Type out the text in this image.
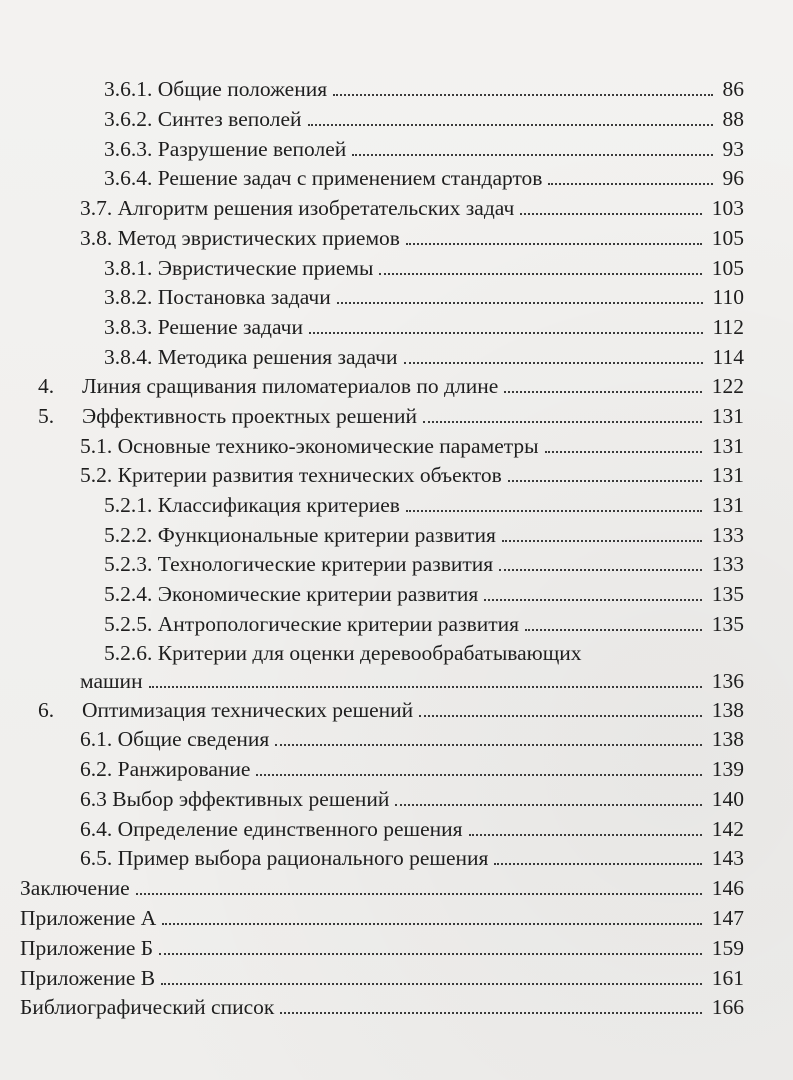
3.6.1. Общие положения	86
3.6.2. Синтез веполей	88
3.6.3. Разрушение веполей	93
3.6.4. Решение задач с применением стандартов	96
3.7. Алгоритм решения изобретательских задач	103
3.8. Метод эвристических приемов	105
3.8.1. Эвристические приемы	105
3.8.2. Постановка задачи	110
3.8.3. Решение задачи	112
3.8.4. Методика решения задачи	114
4.	Линия сращивания пиломатериалов по длине	122
5.	Эффективность проектных решений	131
5.1. Основные технико-экономические параметры	131
5.2. Критерии развития технических объектов	131
5.2.1. Классификация критериев	131
5.2.2. Функциональные критерии развития	133
5.2.3. Технологические критерии развития	133
5.2.4. Экономические критерии развития	135
5.2.5. Антропологические критерии развития	135
5.2.6. Критерии для оценки деревообрабатывающих
машин	136
6.	Оптимизация технических решений	138
6.1. Общие сведения	138
6.2. Ранжирование	139
6.3 Выбор эффективных решений	140
6.4. Определение единственного решения	142
6.5. Пример выбора рационального решения	143
Заключение	146
Приложение А	147
Приложение Б	159
Приложение В	161
Библиографический список	166
